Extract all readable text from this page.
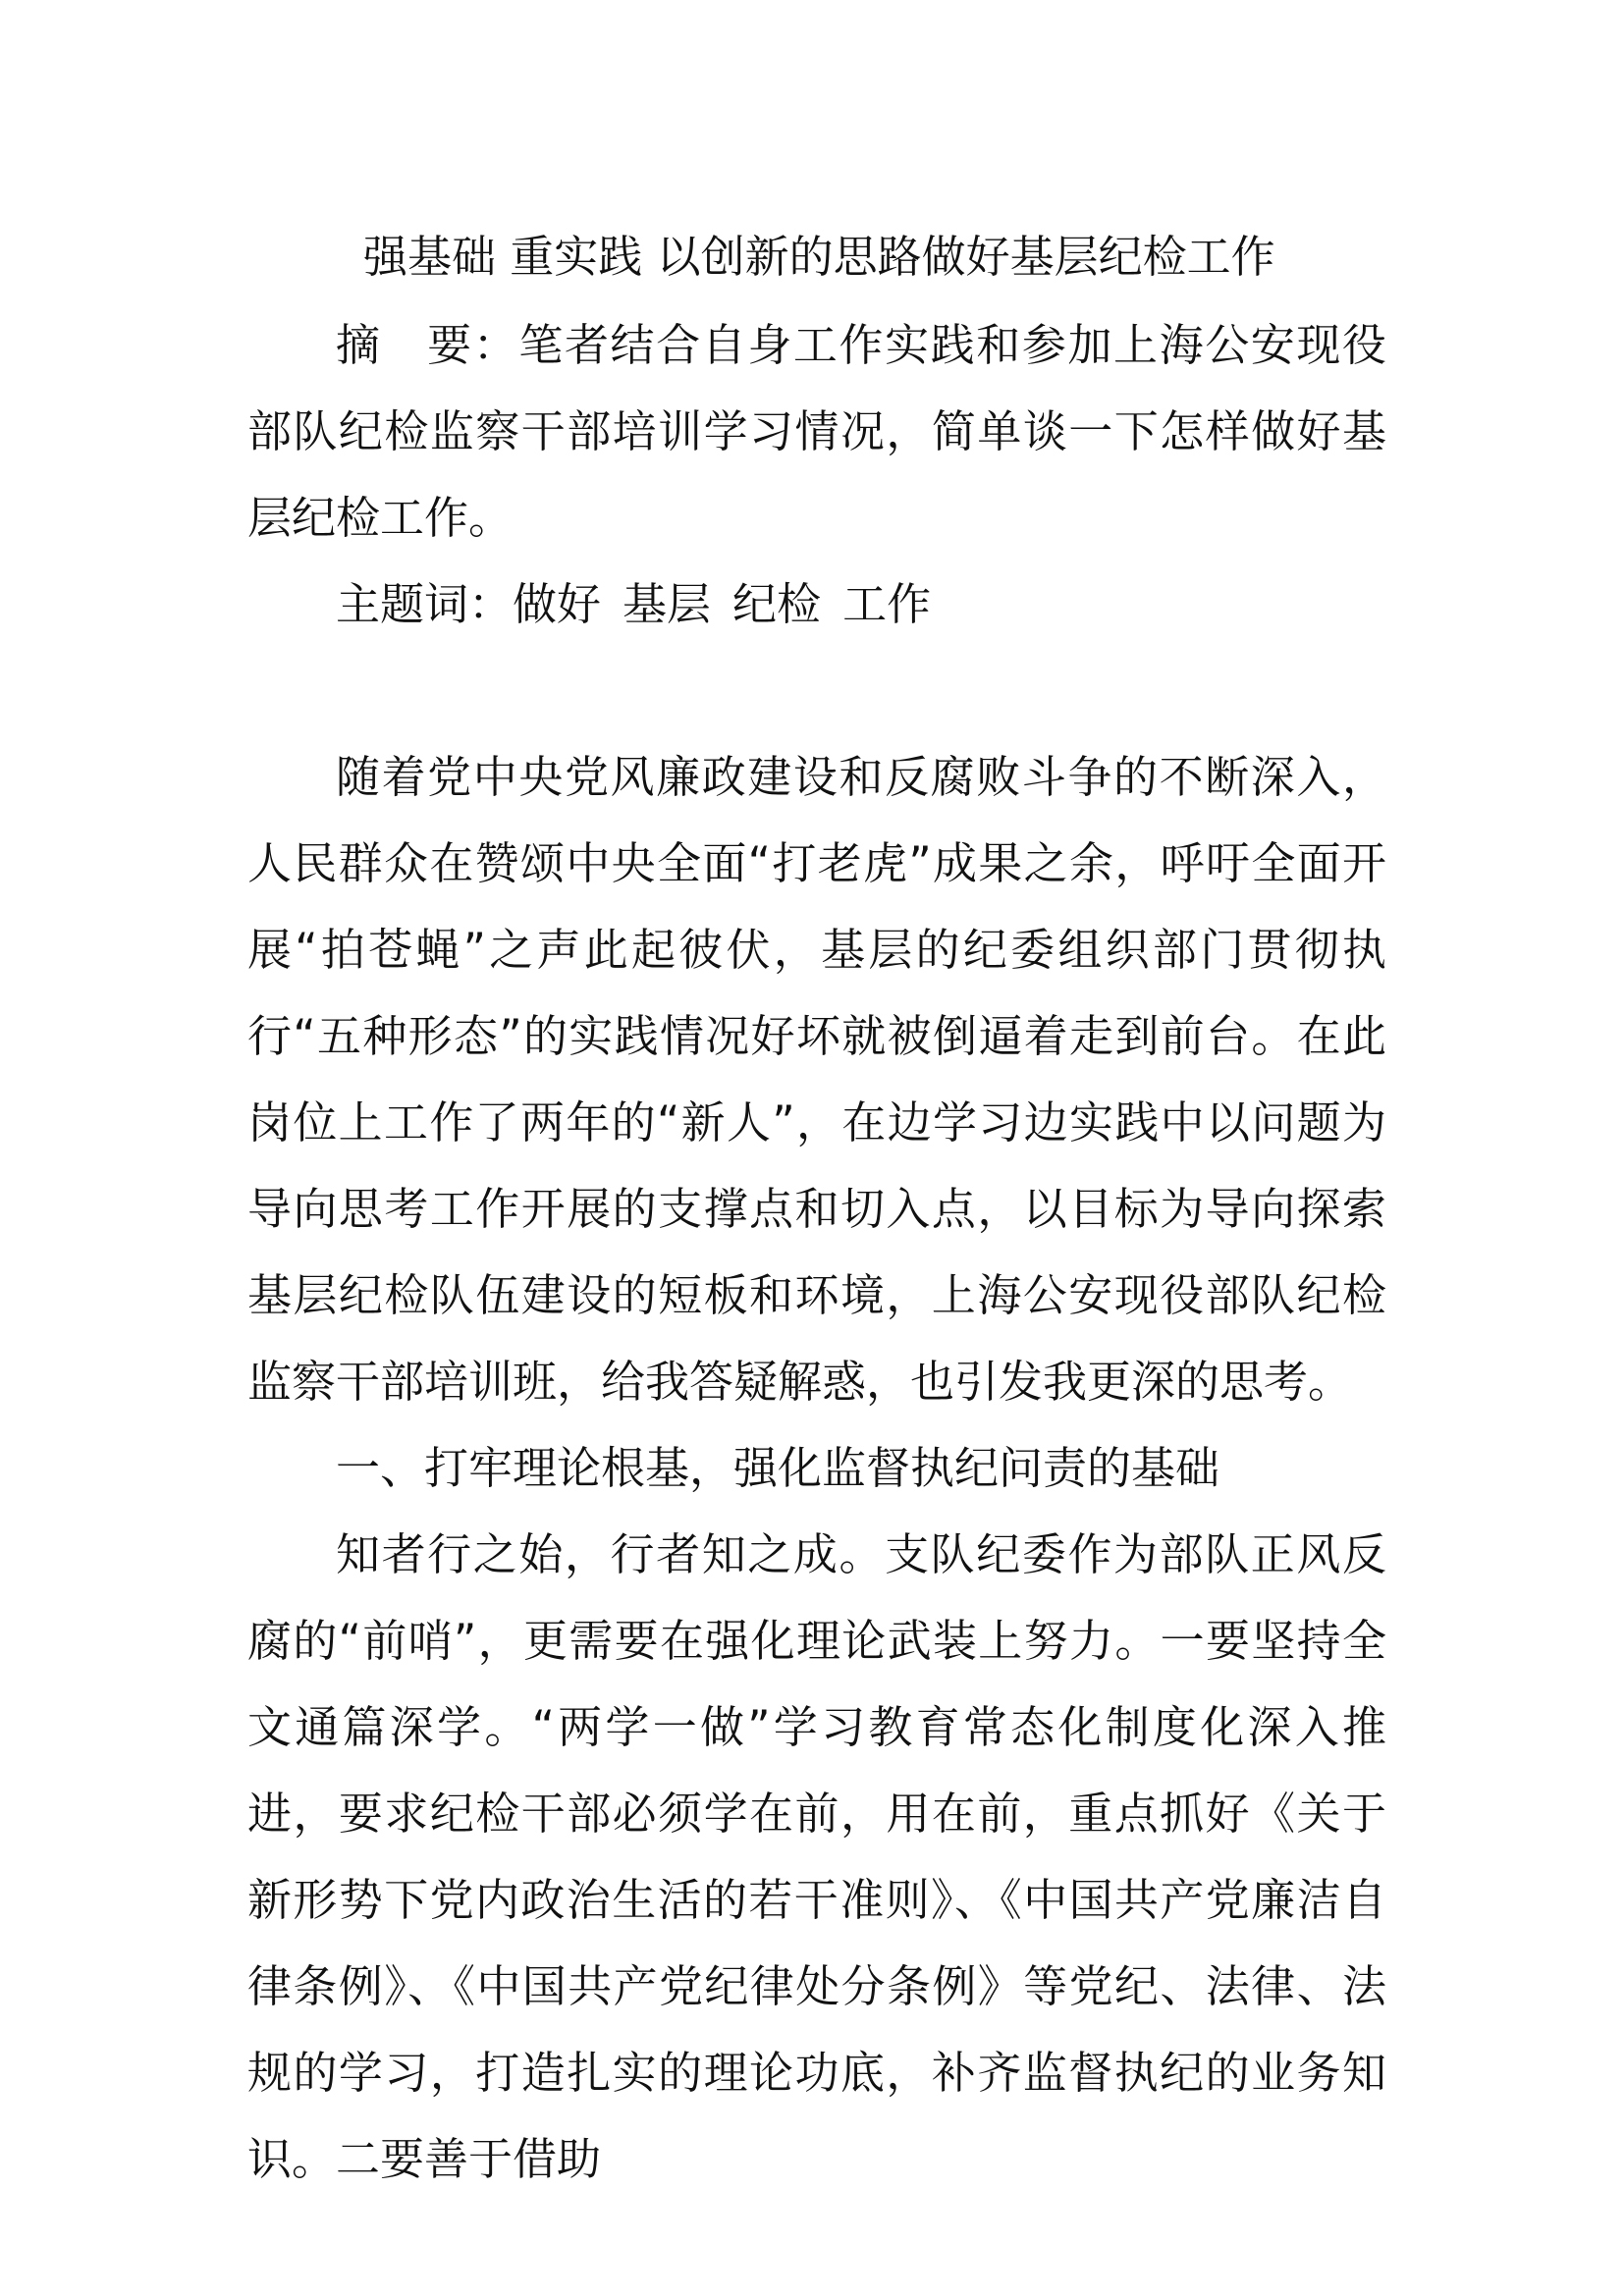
强基础 重实践 以创新的思路做好基层纪检工作

摘 要：笔者结合自身工作实践和参加上海公安现役部队纪检监察干部培训学习情况，简单谈一下怎样做好基层纪检工作。

主题词：做好 基层 纪检 工作

随着党中央党风廉政建设和反腐败斗争的不断深入，人民群众在赞颂中央全面“打老虎”成果之余，呼吁全面开展“拍苍蝇”之声此起彼伏，基层的纪委组织部门贯彻执行“五种形态”的实践情况好坏就被倒逼着走到前台。在此岗位上工作了两年的“新人”，在边学习边实践中以问题为导向思考工作开展的支撑点和切入点，以目标为导向探索基层纪检队伍建设的短板和环境，上海公安现役部队纪检监察干部培训班，给我答疑解惑，也引发我更深的思考。

一、打牢理论根基，强化监督执纪问责的基础

知者行之始，行者知之成。支队纪委作为部队正风反腐的“前哨”，更需要在强化理论武装上努力。一要坚持全文通篇深学。“两学一做”学习教育常态化制度化深入推进，要求纪检干部必须学在前，用在前，重点抓好《关于新形势下党内政治生活的若干准则》、《中国共产党廉洁自律条例》、《中国共产党纪律处分条例》等党纪、法律、法规的学习，打造扎实的理论功底，补齐监督执纪的业务知识。二要善于借助
